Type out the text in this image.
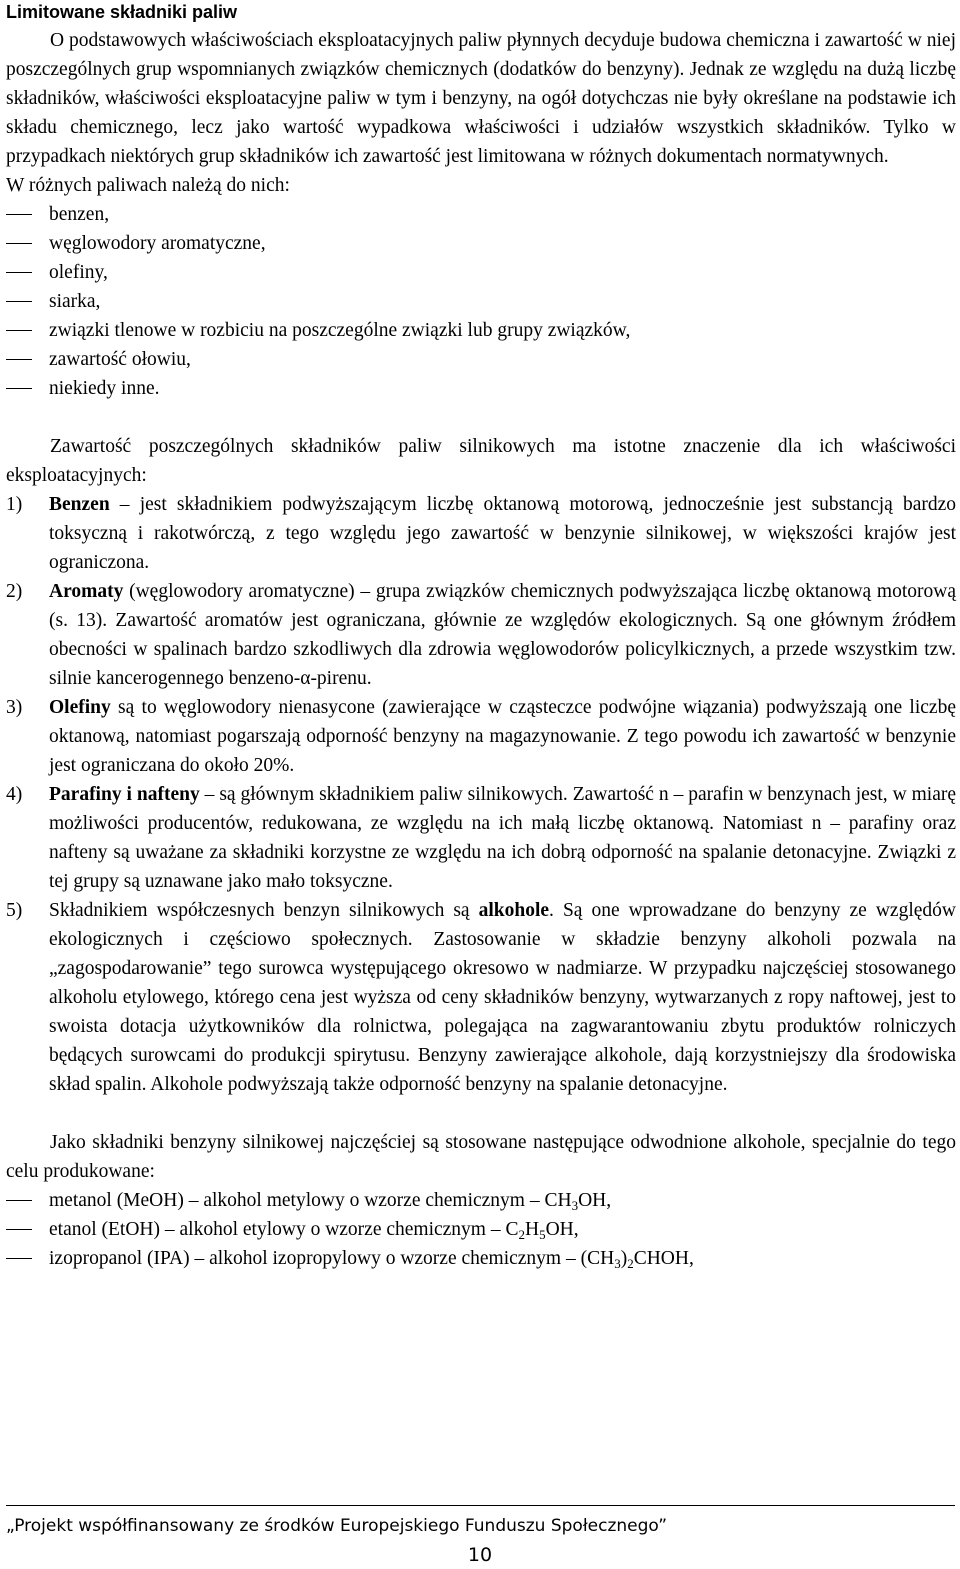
Limitowane składniki paliw

O podstawowych właściwościach eksploatacyjnych paliw płynnych decyduje budowa chemiczna i zawartość w niej poszczególnych grup wspomnianych związków chemicznych (dodatków do benzyny). Jednak ze względu na dużą liczbę składników, właściwości eksploatacyjne paliw w tym i benzyny, na ogół dotychczas nie były określane na podstawie ich składu chemicznego, lecz jako wartość wypadkowa właściwości i udziałów wszystkich składników. Tylko w przypadkach niektórych grup składników ich zawartość jest limitowana w różnych dokumentach normatywnych.

W różnych paliwach należą do nich:

benzen,
węglowodory aromatyczne,
olefiny,
siarka,
związki tlenowe w rozbiciu na poszczególne związki lub grupy związków,
zawartość ołowiu,
niekiedy inne.

Zawartość poszczególnych składników paliw silnikowych ma istotne znaczenie dla ich właściwości eksploatacyjnych:

1) Benzen – jest składnikiem podwyższającym liczbę oktanową motorową, jednocześnie jest substancją bardzo toksyczną i rakotwórczą, z tego względu jego zawartość w benzynie silnikowej, w większości krajów jest ograniczona.
2) Aromaty (węglowodory aromatyczne) – grupa związków chemicznych podwyższająca liczbę oktanową motorową (s. 13). Zawartość aromatów jest ograniczana, głównie ze względów ekologicznych. Są one głównym źródłem obecności w spalinach bardzo szkodliwych dla zdrowia węglowodorów policylkicznych, a przede wszystkim tzw. silnie kancerogennego benzeno-α-pirenu.
3) Olefiny są to węglowodory nienasycone (zawierające w cząsteczce podwójne wiązania) podwyższają one liczbę oktanową, natomiast pogarszają odporność benzyny na magazynowanie. Z tego powodu ich zawartość w benzynie jest ograniczana do około 20%.
4) Parafiny i nafteny – są głównym składnikiem paliw silnikowych. Zawartość n – parafin w benzynach jest, w miarę możliwości producentów, redukowana, ze względu na ich małą liczbę oktanową. Natomiast n – parafiny oraz nafteny są uważane za składniki korzystne ze względu na ich dobrą odporność na spalanie detonacyjne. Związki z tej grupy są uznawane jako mało toksyczne.
5) Składnikiem współczesnych benzyn silnikowych są alkohole. Są one wprowadzane do benzyny ze względów ekologicznych i częściowo społecznych. Zastosowanie w składzie benzyny alkoholi pozwala na „zagospodarowanie” tego surowca występującego okresowo w nadmiarze. W przypadku najczęściej stosowanego alkoholu etylowego, którego cena jest wyższa od ceny składników benzyny, wytwarzanych z ropy naftowej, jest to swoista dotacja użytkowników dla rolnictwa, polegająca na zagwarantowaniu zbytu produktów rolniczych będących surowcami do produkcji spirytusu. Benzyny zawierające alkohole, dają korzystniejszy dla środowiska skład spalin. Alkohole podwyższają także odporność benzyny na spalanie detonacyjne.

Jako składniki benzyny silnikowej najczęściej są stosowane następujące odwodnione alkohole, specjalnie do tego celu produkowane:

metanol (MeOH) – alkohol metylowy o wzorze chemicznym – $CH_3OH$,
etanol (EtOH) – alkohol etylowy o wzorze chemicznym – $C_2H_5OH$,
izopropanol (IPA) – alkohol izopropylowy o wzorze chemicznym – $(CH_3)_2CHOH$,
„Projekt współfinansowany ze środków Europejskiego Funduszu Społecznego”
10
